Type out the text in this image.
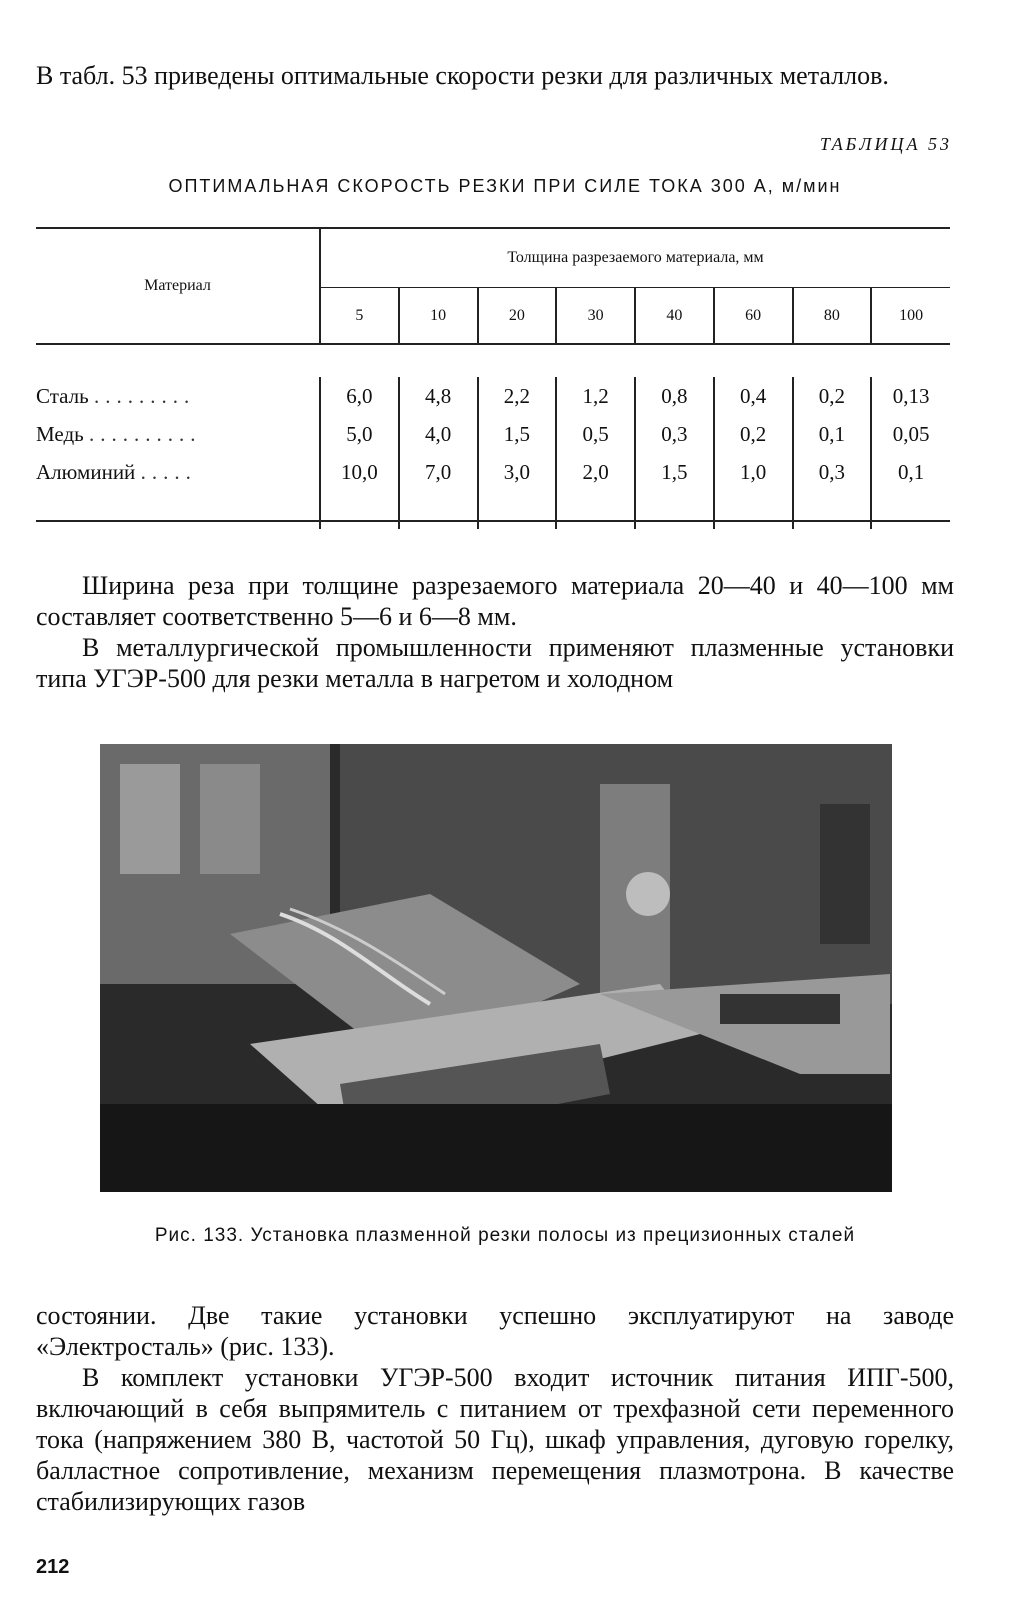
В табл. 53 приведены оптимальные скорости резки для различных металлов.

ТАБЛИЦА 53
ОПТИМАЛЬНАЯ СКОРОСТЬ РЕЗКИ ПРИ СИЛЕ ТОКА 300 А, м/мин
Материал	Толщина разрезаемого материала, мм							
	5	10	20	30	40	60	80	100

Сталь .........	6,0	4,8	2,2	1,2	0,8	0,4	0,2	0,13
Медь ..........	5,0	4,0	1,5	0,5	0,3	0,2	0,1	0,05
Алюминий .....	10,0	7,0	3,0	2,0	1,5	1,0	0,3	0,1

Ширина реза при толщине разрезаемого материала 20—40 и 40—100 мм составляет соответственно 5—6 и 6—8 мм.

В металлургической промышленности применяют плазменные установки типа УГЭР-500 для резки металла в нагретом и холодном

Рис. 133. Установка плазменной резки полосы из прецизионных сталей

состоянии. Две такие установки успешно эксплуатируют на заводе «Электросталь» (рис. 133).

В комплект установки УГЭР-500 входит источник питания ИПГ-500, включающий в себя выпрямитель с питанием от трехфазной сети переменного тока (напряжением 380 В, частотой 50 Гц), шкаф управления, дуговую горелку, балластное сопротивление, механизм перемещения плазмотрона. В качестве стабилизирующих газов

212
